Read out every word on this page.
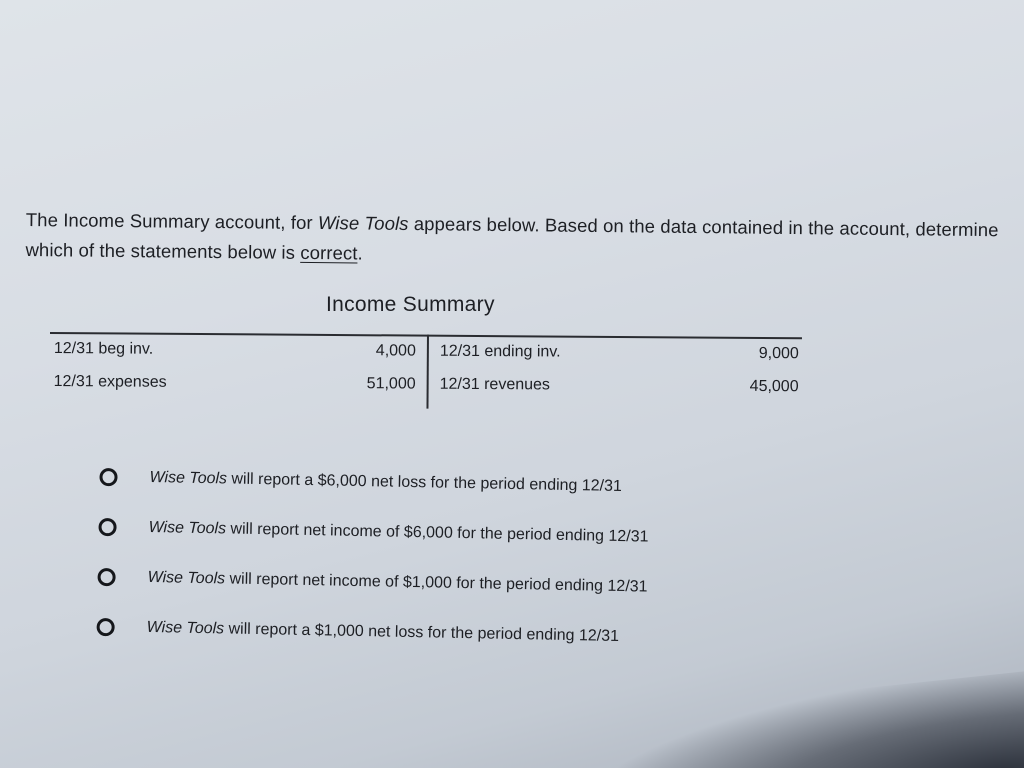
The Income Summary account, for Wise Tools appears below. Based on the data contained in the account, determine which of the statements below is correct.
Income Summary
12/31 beg inv.	4,000 12/31 ending inv.	9,000
12/31 expenses	51,000 12/31 revenues	45,000
Wise Tools will report a $6,000 net loss for the period ending 12/31
Wise Tools will report net income of $6,000 for the period ending 12/31
Wise Tools will report net income of $1,000 for the period ending 12/31
Wise Tools will report a $1,000 net loss for the period ending 12/31
